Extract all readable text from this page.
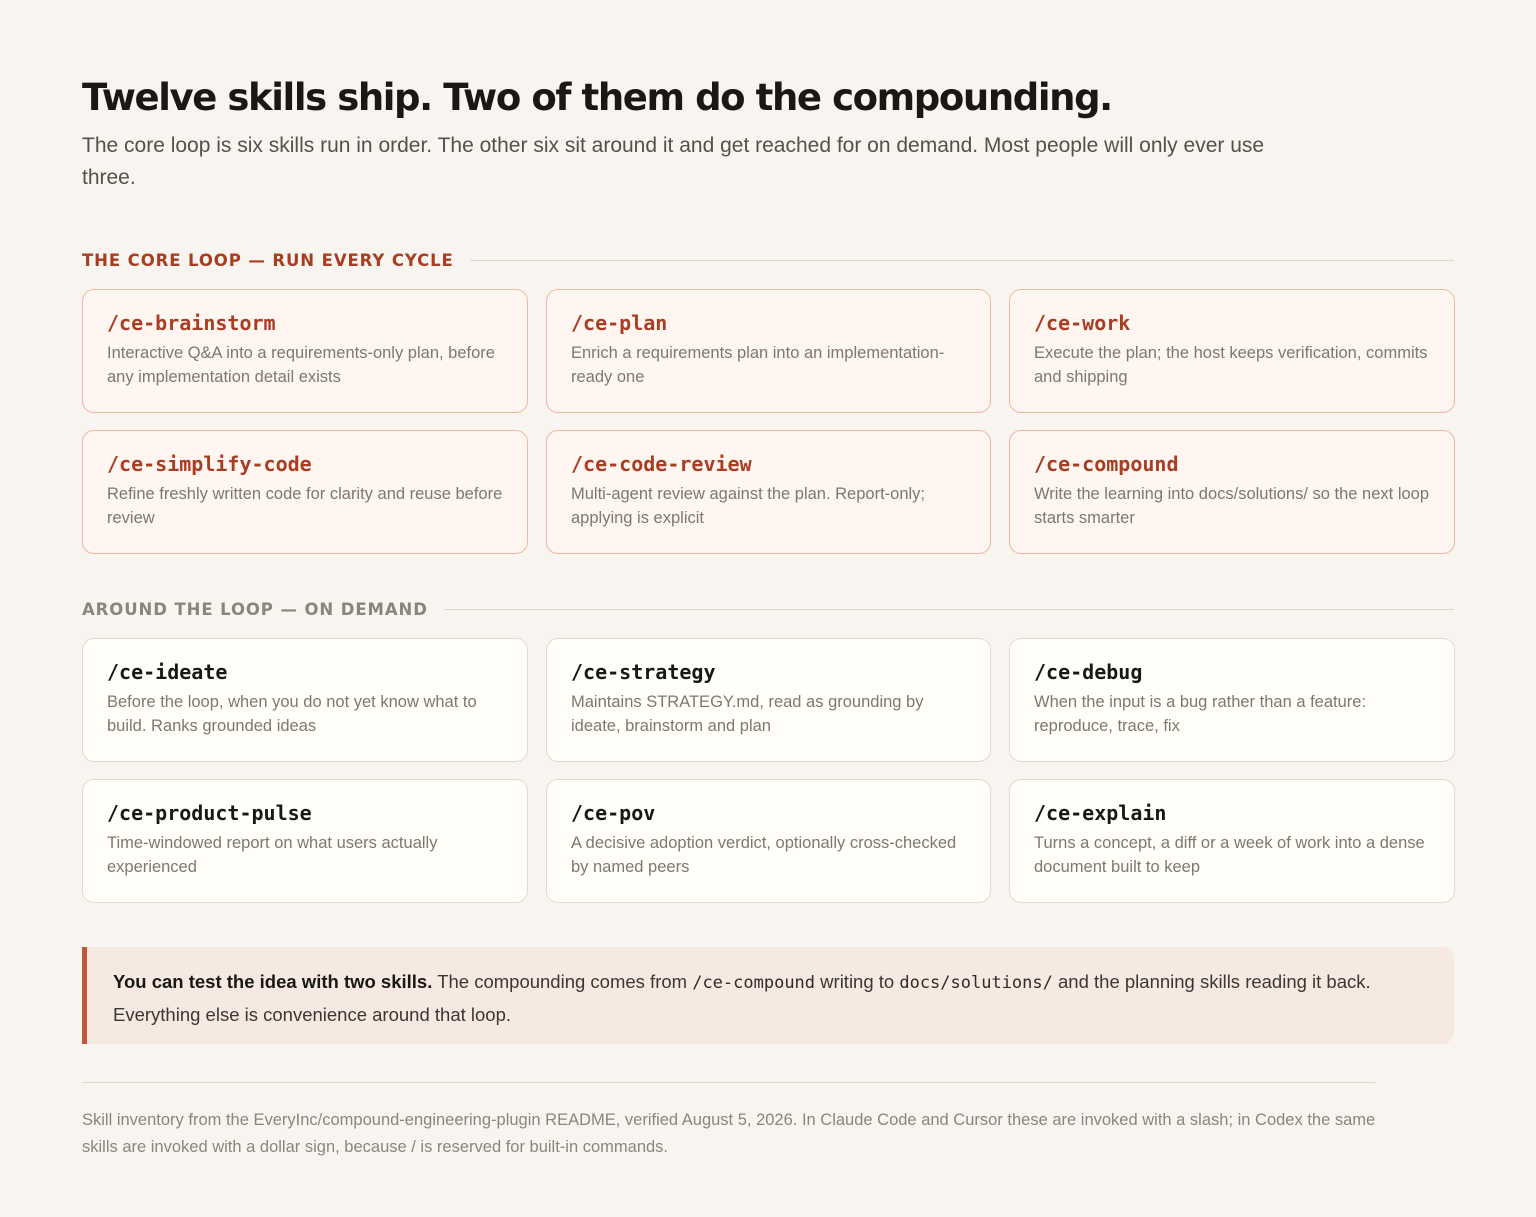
Twelve skills ship. Two of them do the compounding.

The core loop is six skills run in order. The other six sit around it and get reached for on demand. Most people will only ever use three.

THE CORE LOOP — RUN EVERY CYCLE
/ce-brainstorm
Interactive Q&A into a requirements-only plan, before any implementation detail exists
/ce-plan
Enrich a requirements plan into an implementation-ready one
/ce-work
Execute the plan; the host keeps verification, commits and shipping
/ce-simplify-code
Refine freshly written code for clarity and reuse before review
/ce-code-review
Multi-agent review against the plan. Report-only; applying is explicit
/ce-compound
Write the learning into docs/solutions/ so the next loop starts smarter
AROUND THE LOOP — ON DEMAND
/ce-ideate
Before the loop, when you do not yet know what to build. Ranks grounded ideas
/ce-strategy
Maintains STRATEGY.md, read as grounding by ideate, brainstorm and plan
/ce-debug
When the input is a bug rather than a feature: reproduce, trace, fix
/ce-product-pulse
Time-windowed report on what users actually experienced
/ce-pov
A decisive adoption verdict, optionally cross-checked by named peers
/ce-explain
Turns a concept, a diff or a week of work into a dense document built to keep
You can test the idea with two skills. The compounding comes from /ce-compound writing to docs/solutions/ and the planning skills reading it back. Everything else is convenience around that loop.

Skill inventory from the EveryInc/compound-engineering-plugin README, verified August 5, 2026. In Claude Code and Cursor these are invoked with a slash; in Codex the same skills are invoked with a dollar sign, because / is reserved for built-in commands.
